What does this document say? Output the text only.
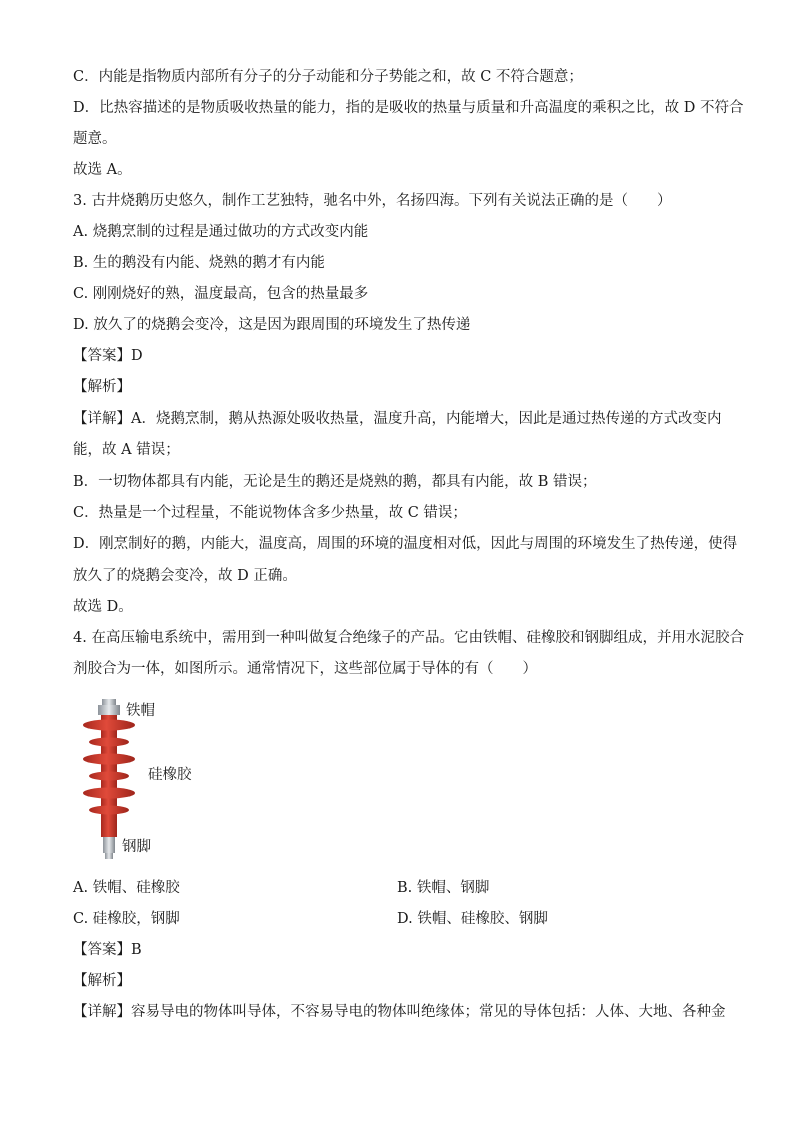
C．内能是指物质内部所有分子的分子动能和分子势能之和，故 C 不符合题意；
D．比热容描述的是物质吸收热量的能力，指的是吸收的热量与质量和升高温度的乘积之比，故 D 不符合
题意。
故选 A。
3. 古井烧鹅历史悠久，制作工艺独特，驰名中外，名扬四海。下列有关说法正确的是（　　）
A. 烧鹅烹制的过程是通过做功的方式改变内能
B. 生的鹅没有内能、烧熟的鹅才有内能
C. 刚刚烧好的熟，温度最高，包含的热量最多
D. 放久了的烧鹅会变冷，这是因为跟周围的环境发生了热传递
【答案】D
【解析】
【详解】A．烧鹅烹制，鹅从热源处吸收热量，温度升高，内能增大，因此是通过热传递的方式改变内
能，故 A 错误；
B．一切物体都具有内能，无论是生的鹅还是烧熟的鹅，都具有内能，故 B 错误；
C．热量是一个过程量，不能说物体含多少热量，故 C 错误；
D．刚烹制好的鹅，内能大，温度高，周围的环境的温度相对低，因此与周围的环境发生了热传递，使得
放久了的烧鹅会变冷，故 D 正确。
故选 D。
4. 在高压输电系统中，需用到一种叫做复合绝缘子的产品。它由铁帽、硅橡胶和钢脚组成，并用水泥胶合
剂胶合为一体，如图所示。通常情况下，这些部位属于导体的有（　　）
铁帽
硅橡胶
钢脚
A. 铁帽、硅橡胶	B. 铁帽、钢脚
C. 硅橡胶，钢脚	D. 铁帽、硅橡胶、钢脚
【答案】B
【解析】
【详解】容易导电的物体叫导体，不容易导电的物体叫绝缘体；常见的导体包括：人体、大地、各种金
